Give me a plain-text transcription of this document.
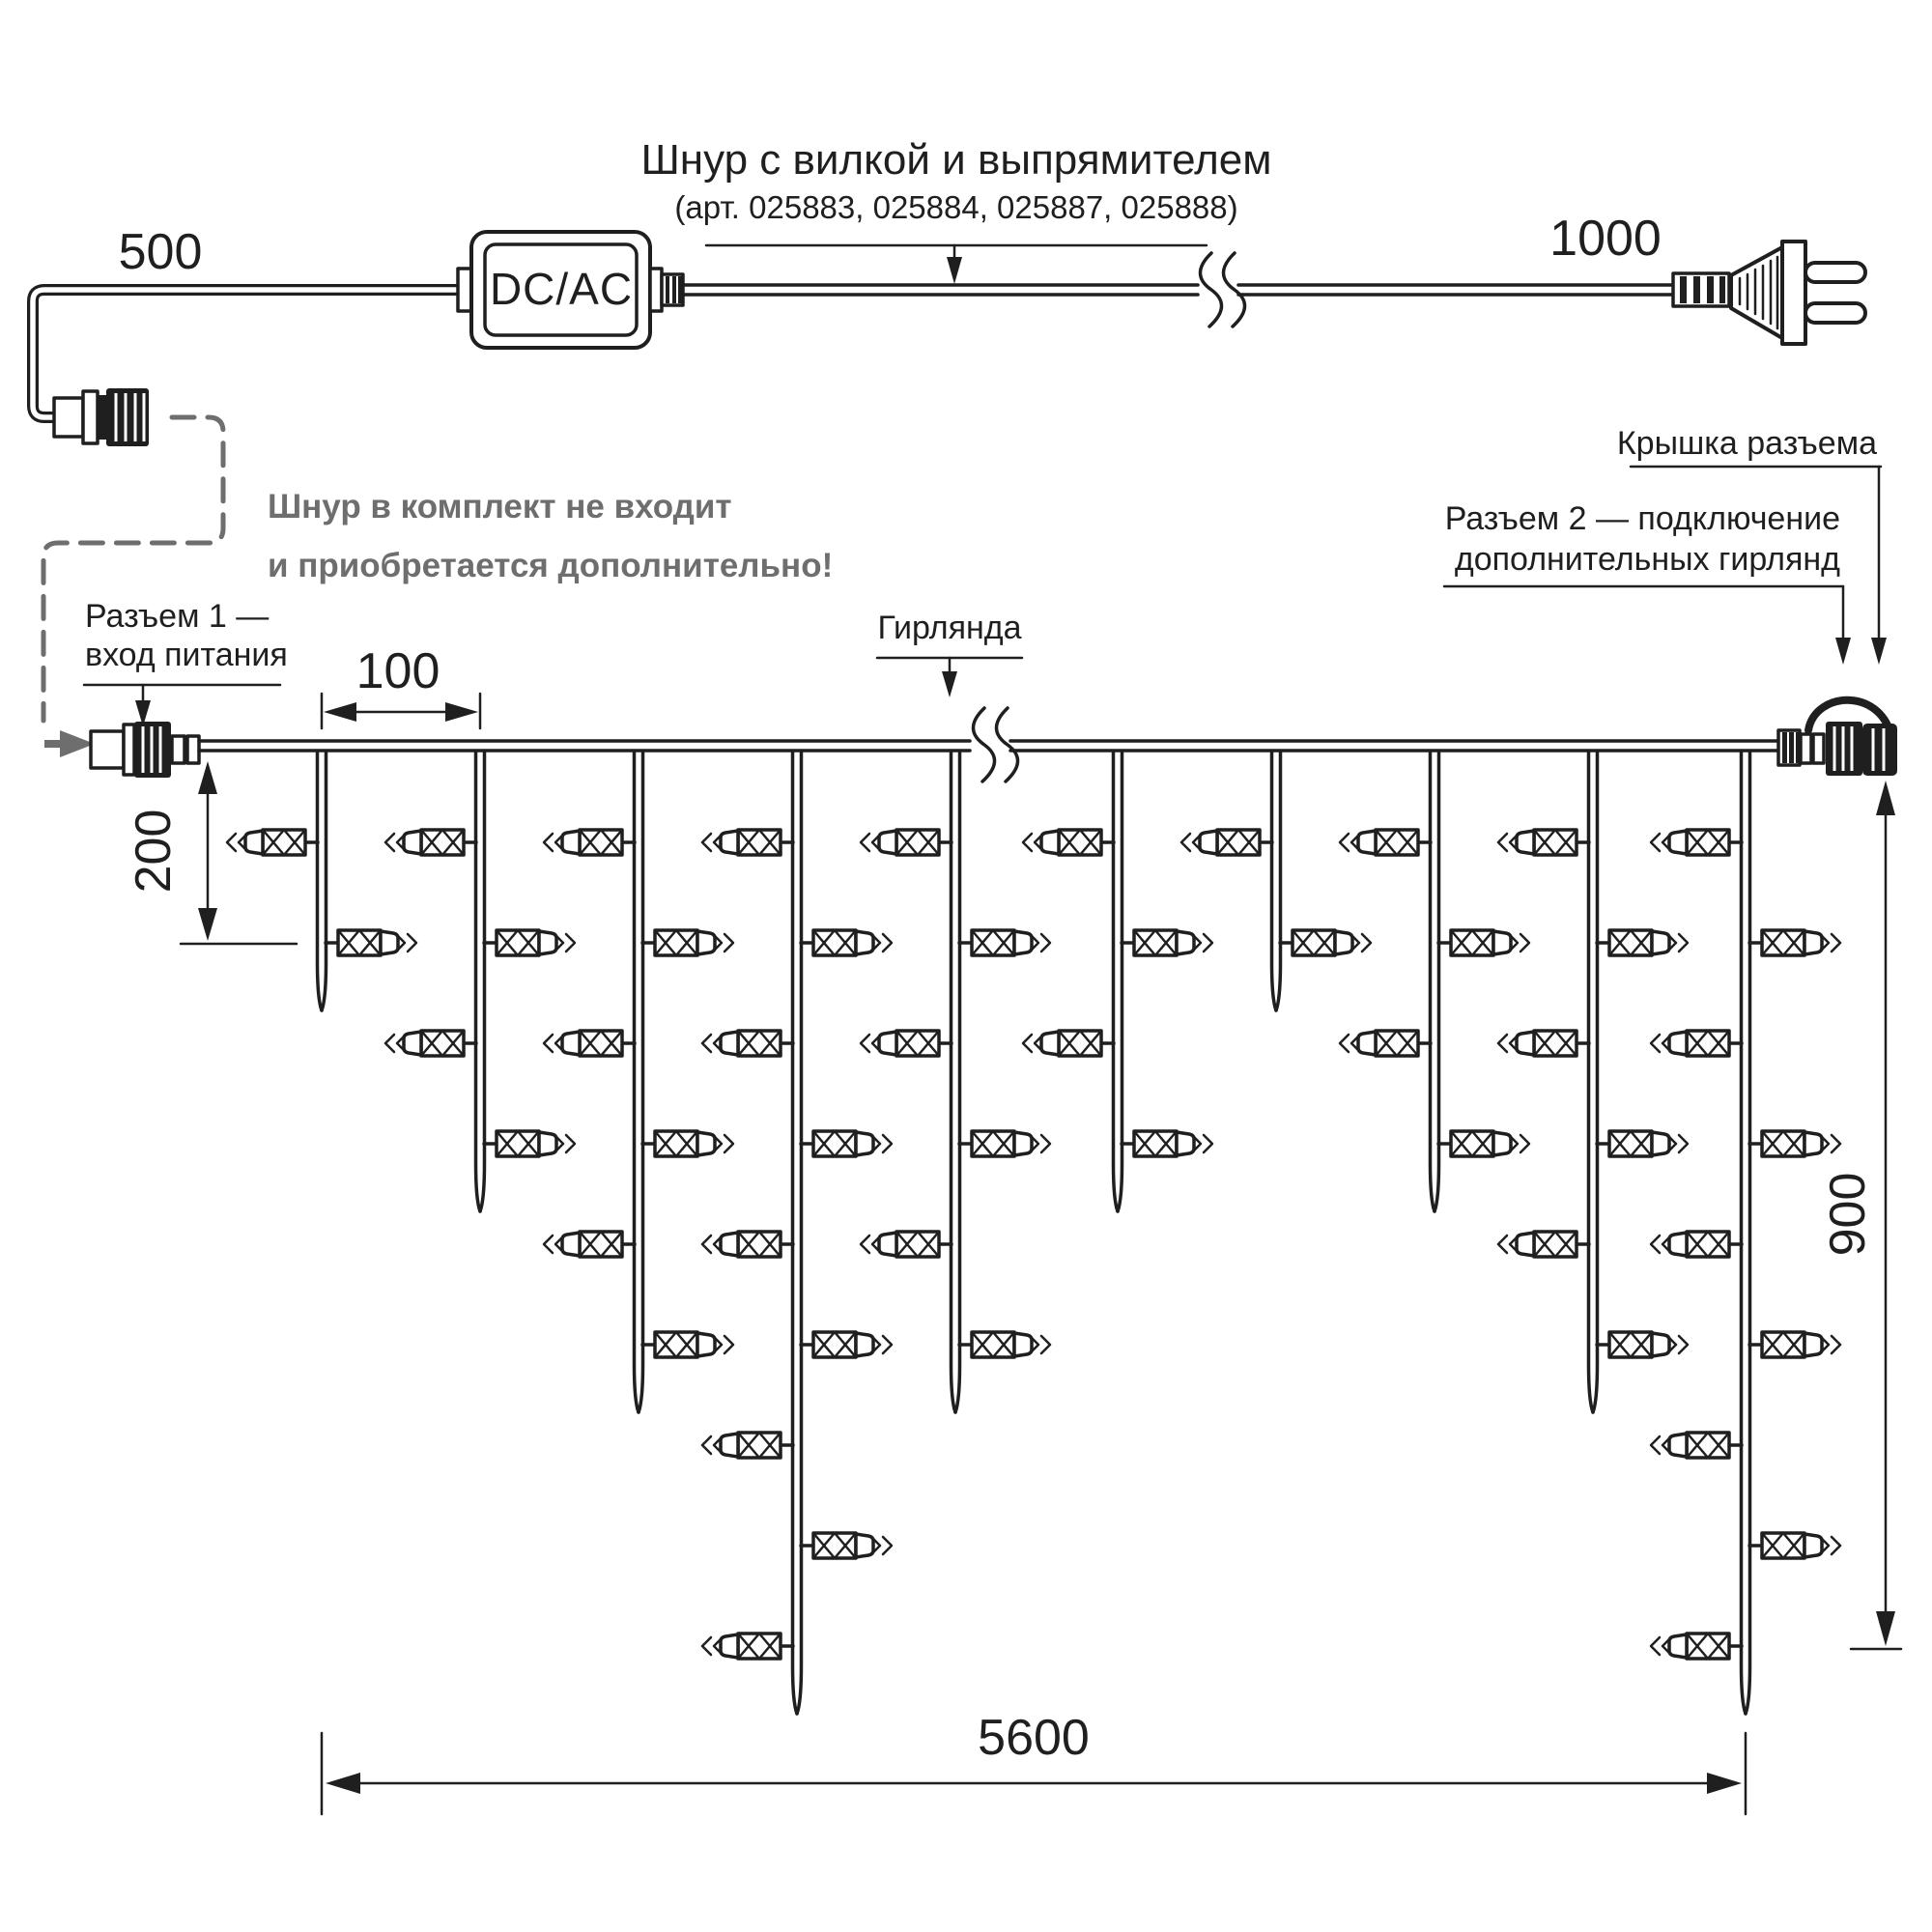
500
DC/AC
1000
Шнур с вилкой и выпрямителем
(арт. 025883, 025884, 025887, 025888)
Шнур в комплект не входит
и приобретается дополнительно!
Разъем 1 —
вход питания
Гирлянда
Крышка разъема
Разъем 2 — подключение
дополнительных гирлянд
100
200
900
5600
